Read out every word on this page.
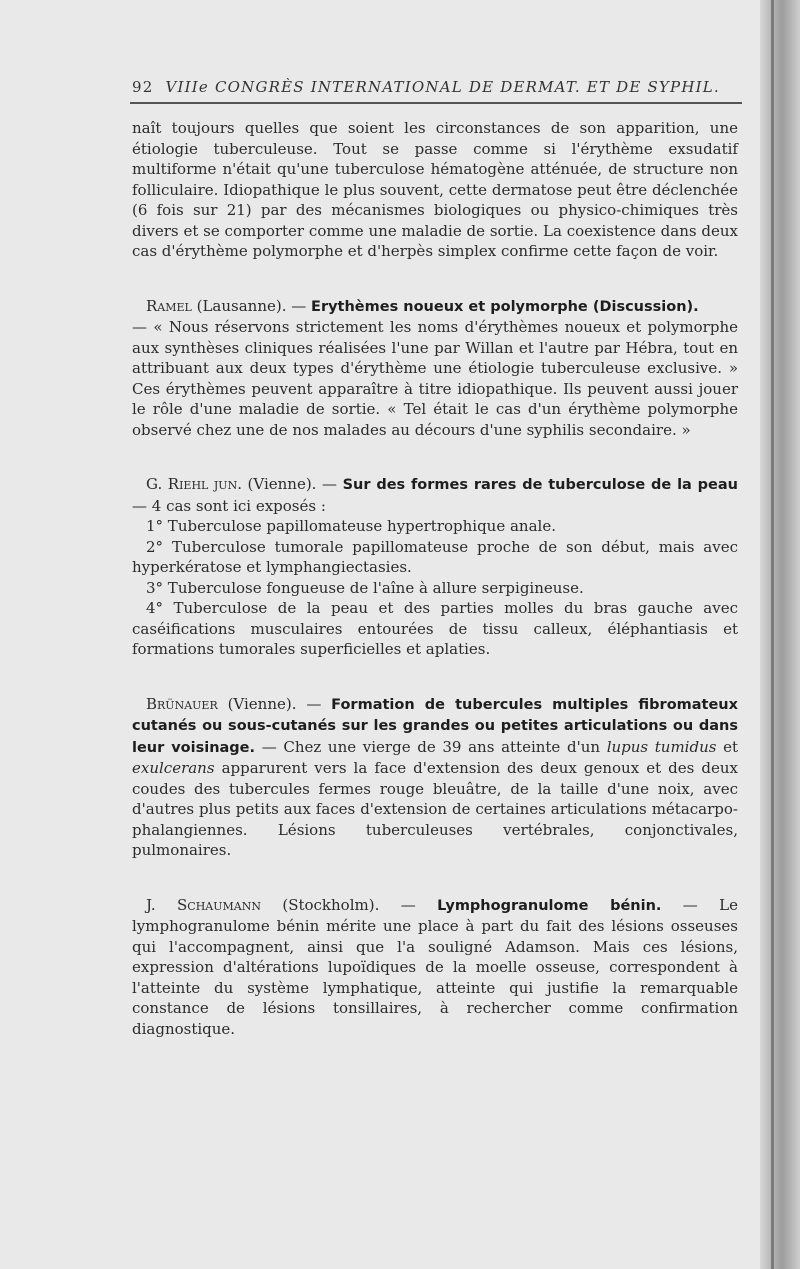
92 VIIIe CONGRÈS INTERNATIONAL DE DERMAT. ET DE SYPHIL.

naît toujours quelles que soient les circonstances de son apparition, une étiologie tuberculeuse. Tout se passe comme si l'érythème exsudatif multiforme n'était qu'une tuberculose hématogène atténuée, de structure non folliculaire. Idiopathique le plus souvent, cette dermatose peut être déclenchée (6 fois sur 21) par des mécanismes biologiques ou physico-chimiques très divers et se comporter comme une maladie de sortie. La coexistence dans deux cas d'érythème polymorphe et d'herpès simplex confirme cette façon de voir.

Ramel (Lausanne). — Erythèmes noueux et polymorphe (Discussion).

— « Nous réservons strictement les noms d'érythèmes noueux et polymorphe aux synthèses cliniques réalisées l'une par Willan et l'autre par Hébra, tout en attribuant aux deux types d'érythème une étiologie tuberculeuse exclusive. » Ces érythèmes peuvent apparaître à titre idiopathique. Ils peuvent aussi jouer le rôle d'une maladie de sortie. « Tel était le cas d'un érythème polymorphe observé chez une de nos malades au décours d'une syphilis secondaire. »

G. Riehl jun. (Vienne). — Sur des formes rares de tuberculose de la peau — 4 cas sont ici exposés :

1° Tuberculose papillomateuse hypertrophique anale.

2° Tuberculose tumorale papillomateuse proche de son début, mais avec hyperkératose et lymphangiectasies.

3° Tuberculose fongueuse de l'aîne à allure serpigineuse.

4° Tuberculose de la peau et des parties molles du bras gauche avec caséifications musculaires entourées de tissu calleux, éléphantiasis et formations tumorales superficielles et aplaties.

Brünauer (Vienne). — Formation de tubercules multiples fibromateux cutanés ou sous-cutanés sur les grandes ou petites articulations ou dans leur voisinage. — Chez une vierge de 39 ans atteinte d'un lupus tumidus et exulcerans apparurent vers la face d'extension des deux genoux et des deux coudes des tubercules fermes rouge bleuâtre, de la taille d'une noix, avec d'autres plus petits aux faces d'extension de certaines articulations métacarpo-phalangiennes. Lésions tuberculeuses vertébrales, conjonctivales, pulmonaires.

J. Schaumann (Stockholm). — Lymphogranulome bénin. — Le lymphogranulome bénin mérite une place à part du fait des lésions osseuses qui l'accompagnent, ainsi que l'a souligné Adamson. Mais ces lésions, expression d'altérations lupoïdiques de la moelle osseuse, correspondent à l'atteinte du système lymphatique, atteinte qui justifie la remarquable constance de lésions tonsillaires, à rechercher comme confirmation diagnostique.
